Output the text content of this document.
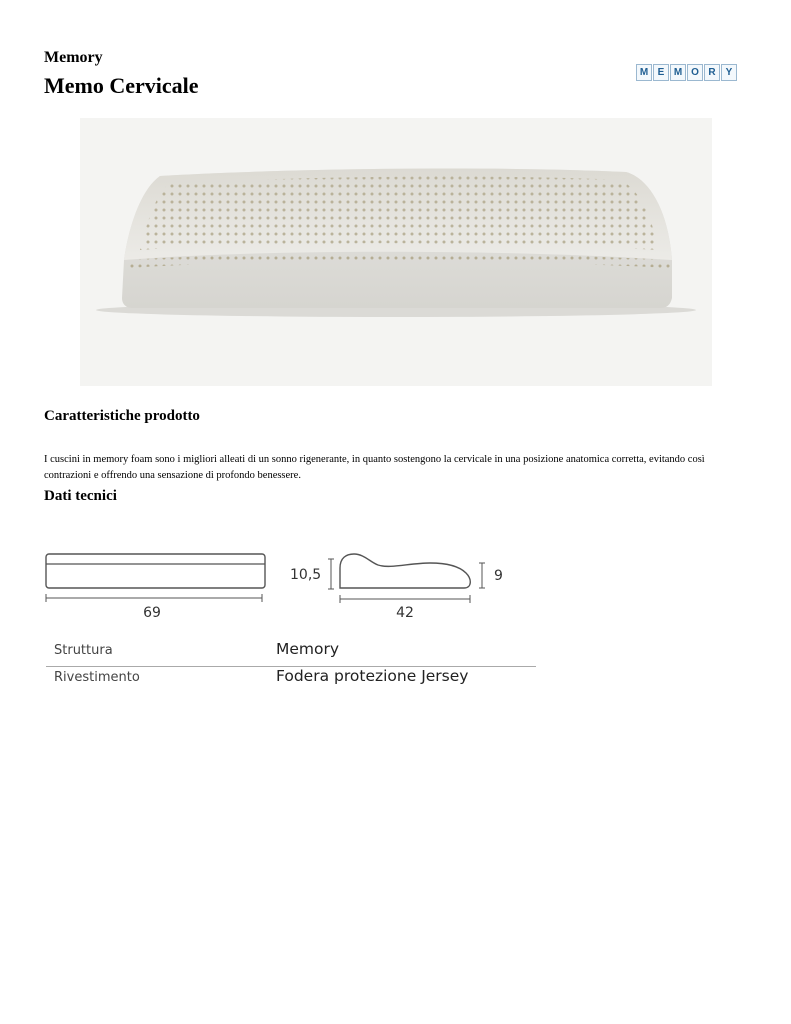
Memory
Memo Cervicale
M E M O R	Y
Caratteristiche prodotto
I cuscini in memory foam sono i migliori alleati di un sonno rigenerante, in quanto sostengono la cervicale in una posizione anatomica corretta, evitando così contrazioni e offrendo una sensazione di profondo benessere.
Dati tecnici
69
10,5
42
9
Struttura	Memory
Rivestimento	Fodera protezione Jersey
